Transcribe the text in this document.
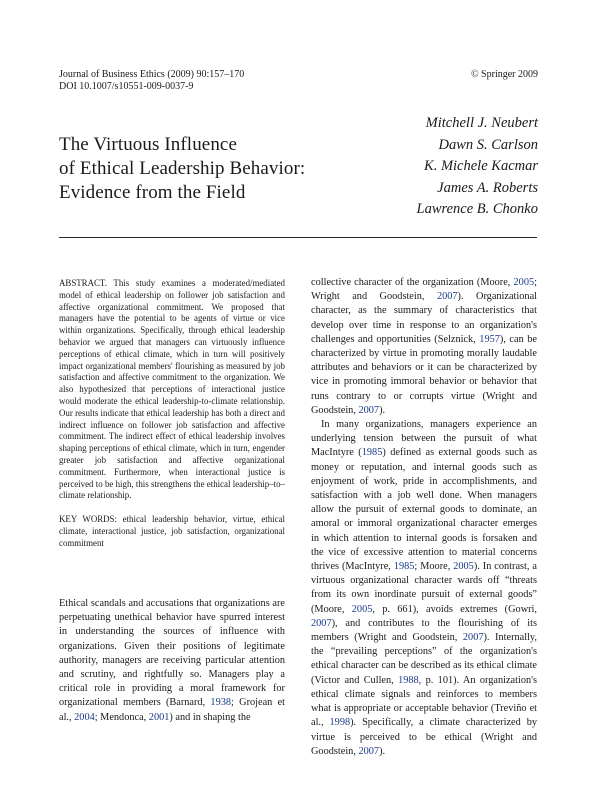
Journal of Business Ethics (2009) 90:157–170
DOI 10.1007/s10551-009-0037-9
© Springer 2009
The Virtuous Influence
of Ethical Leadership Behavior:
Evidence from the Field
Mitchell J. Neubert
Dawn S. Carlson
K. Michele Kacmar
James A. Roberts
Lawrence B. Chonko

ABSTRACT. This study examines a moderated/mediated model of ethical leadership on follower job satisfaction and affective organizational commitment. We proposed that managers have the potential to be agents of virtue or vice within organizations. Specifically, through ethical leadership behavior we argued that managers can virtuously influence perceptions of ethical climate, which in turn will positively impact organizational members' flourishing as measured by job satisfaction and affective commitment to the organization. We also hypothesized that perceptions of interactional justice would moderate the ethical leadership-to-climate relationship. Our results indicate that ethical leadership has both a direct and indirect influence on follower job satisfaction and affective commitment. The indirect effect of ethical leadership involves shaping perceptions of ethical climate, which in turn, engender greater job satisfaction and affective organizational commitment. Furthermore, when interactional justice is perceived to be high, this strengthens the ethical leadership–to–climate relationship.

KEY WORDS: ethical leadership behavior, virtue, ethical climate, interactional justice, job satisfaction, organizational commitment

Ethical scandals and accusations that organizations are perpetuating unethical behavior have spurred interest in understanding the sources of influence with organizations. Given their positions of legitimate authority, managers are receiving particular attention and scrutiny, and rightfully so. Managers play a critical role in providing a moral framework for organizational members (Barnard, 1938; Grojean et al., 2004; Mendonca, 2001) and in shaping the

collective character of the organization (Moore, 2005; Wright and Goodstein, 2007). Organizational character, as the summary of characteristics that develop over time in response to an organization's challenges and opportunities (Selznick, 1957), can be characterized by virtue in promoting morally laudable attributes and behaviors or it can be characterized by vice in promoting immoral behavior or behavior that runs contrary to or corrupts virtue (Wright and Goodstein, 2007).

In many organizations, managers experience an underlying tension between the pursuit of what MacIntyre (1985) defined as external goods such as money or reputation, and internal goods such as enjoyment of work, pride in accomplishments, and satisfaction with a job well done. When managers allow the pursuit of external goods to dominate, an amoral or immoral organizational character emerges in which attention to internal goods is forsaken and the vice of excessive attention to material concerns thrives (MacIntyre, 1985; Moore, 2005). In contrast, a virtuous organizational character wards off “threats from its own inordinate pursuit of external goods” (Moore, 2005, p. 661), avoids extremes (Gowri, 2007), and contributes to the flourishing of its members (Wright and Goodstein, 2007). Internally, the “prevailing perceptions” of the organization's ethical character can be described as its ethical climate (Victor and Cullen, 1988, p. 101). An organization's ethical climate signals and reinforces to members what is appropriate or acceptable behavior (Treviño et al., 1998). Specifically, a climate characterized by virtue is perceived to be ethical (Wright and Goodstein, 2007).
